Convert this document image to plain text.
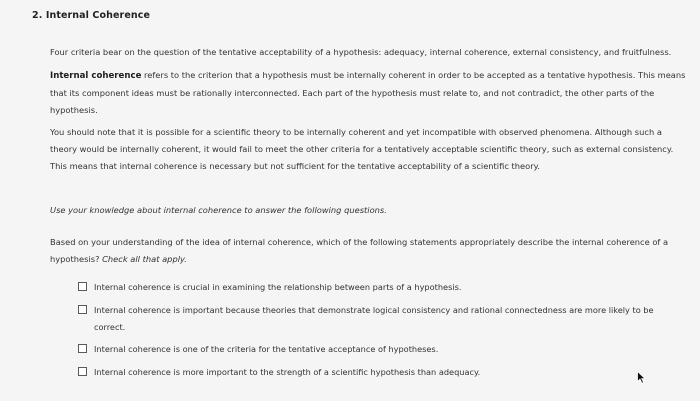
2. Internal Coherence
Four criteria bear on the question of the tentative acceptability of a hypothesis: adequacy, internal coherence, external consistency, and fruitfulness.
Internal coherence refers to the criterion that a hypothesis must be internally coherent in order to be accepted as a tentative hypothesis. This means that its component ideas must be rationally interconnected. Each part of the hypothesis must relate to, and not contradict, the other parts of the hypothesis.
You should note that it is possible for a scientific theory to be internally coherent and yet incompatible with observed phenomena. Although such a theory would be internally coherent, it would fail to meet the other criteria for a tentatively acceptable scientific theory, such as external consistency. This means that internal coherence is necessary but not sufficient for the tentative acceptability of a scientific theory.
Use your knowledge about internal coherence to answer the following questions.
Based on your understanding of the idea of internal coherence, which of the following statements appropriately describe the internal coherence of a hypothesis? Check all that apply.
Internal coherence is crucial in examining the relationship between parts of a hypothesis.
Internal coherence is important because theories that demonstrate logical consistency and rational connectedness are more likely to be correct.
Internal coherence is one of the criteria for the tentative acceptance of hypotheses.
Internal coherence is more important to the strength of a scientific hypothesis than adequacy.
